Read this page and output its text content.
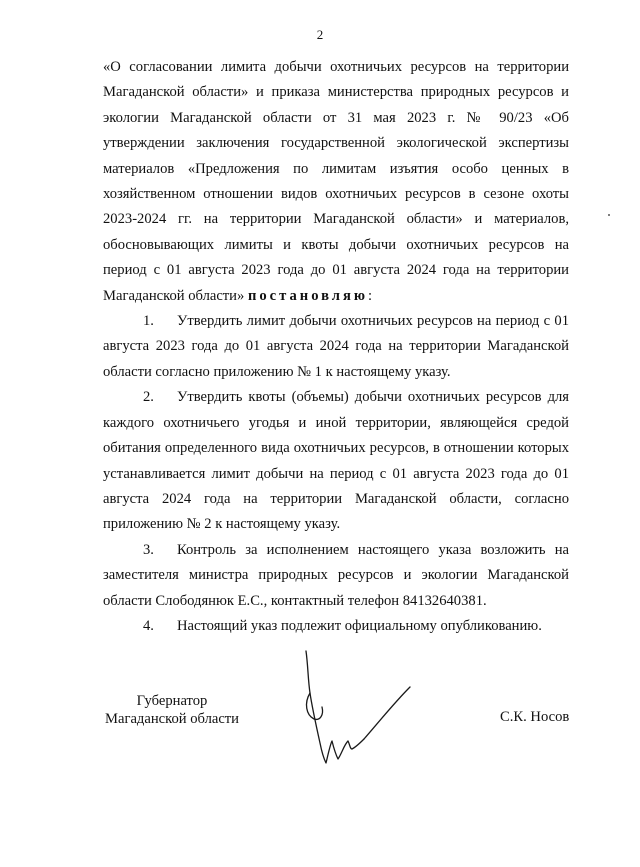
2

«О согласовании лимита добычи охотничьих ресурсов на территории Магаданской области» и приказа министерства природных ресурсов и экологии Магаданской области от 31 мая 2023 г. № 90/23 «Об утверждении заключения государственной экологической экспертизы материалов «Предложения по лимитам изъятия особо ценных в хозяйственном отношении видов охотничьих ресурсов в сезоне охоты 2023-2024 гг. на территории Магаданской области» и материалов, обосновывающих лимиты и квоты добычи охотничьих ресурсов на период с 01 августа 2023 года до 01 августа 2024 года на территории Магаданской области» постановляю:

1. Утвердить лимит добычи охотничьих ресурсов на период с 01 августа 2023 года до 01 августа 2024 года на территории Магаданской области согласно приложению № 1 к настоящему указу.

2. Утвердить квоты (объемы) добычи охотничьих ресурсов для каждого охотничьего угодья и иной территории, являющейся средой обитания определенного вида охотничьих ресурсов, в отношении которых устанавливается лимит добычи на период с 01 августа 2023 года до 01 августа 2024 года на территории Магаданской области, согласно приложению № 2 к настоящему указу.

3. Контроль за исполнением настоящего указа возложить на заместителя министра природных ресурсов и экологии Магаданской области Слободянюк Е.С., контактный телефон 84132640381.

4. Настоящий указ подлежит официальному опубликованию.

Губернатор
Магаданской области	С.К. Носов
